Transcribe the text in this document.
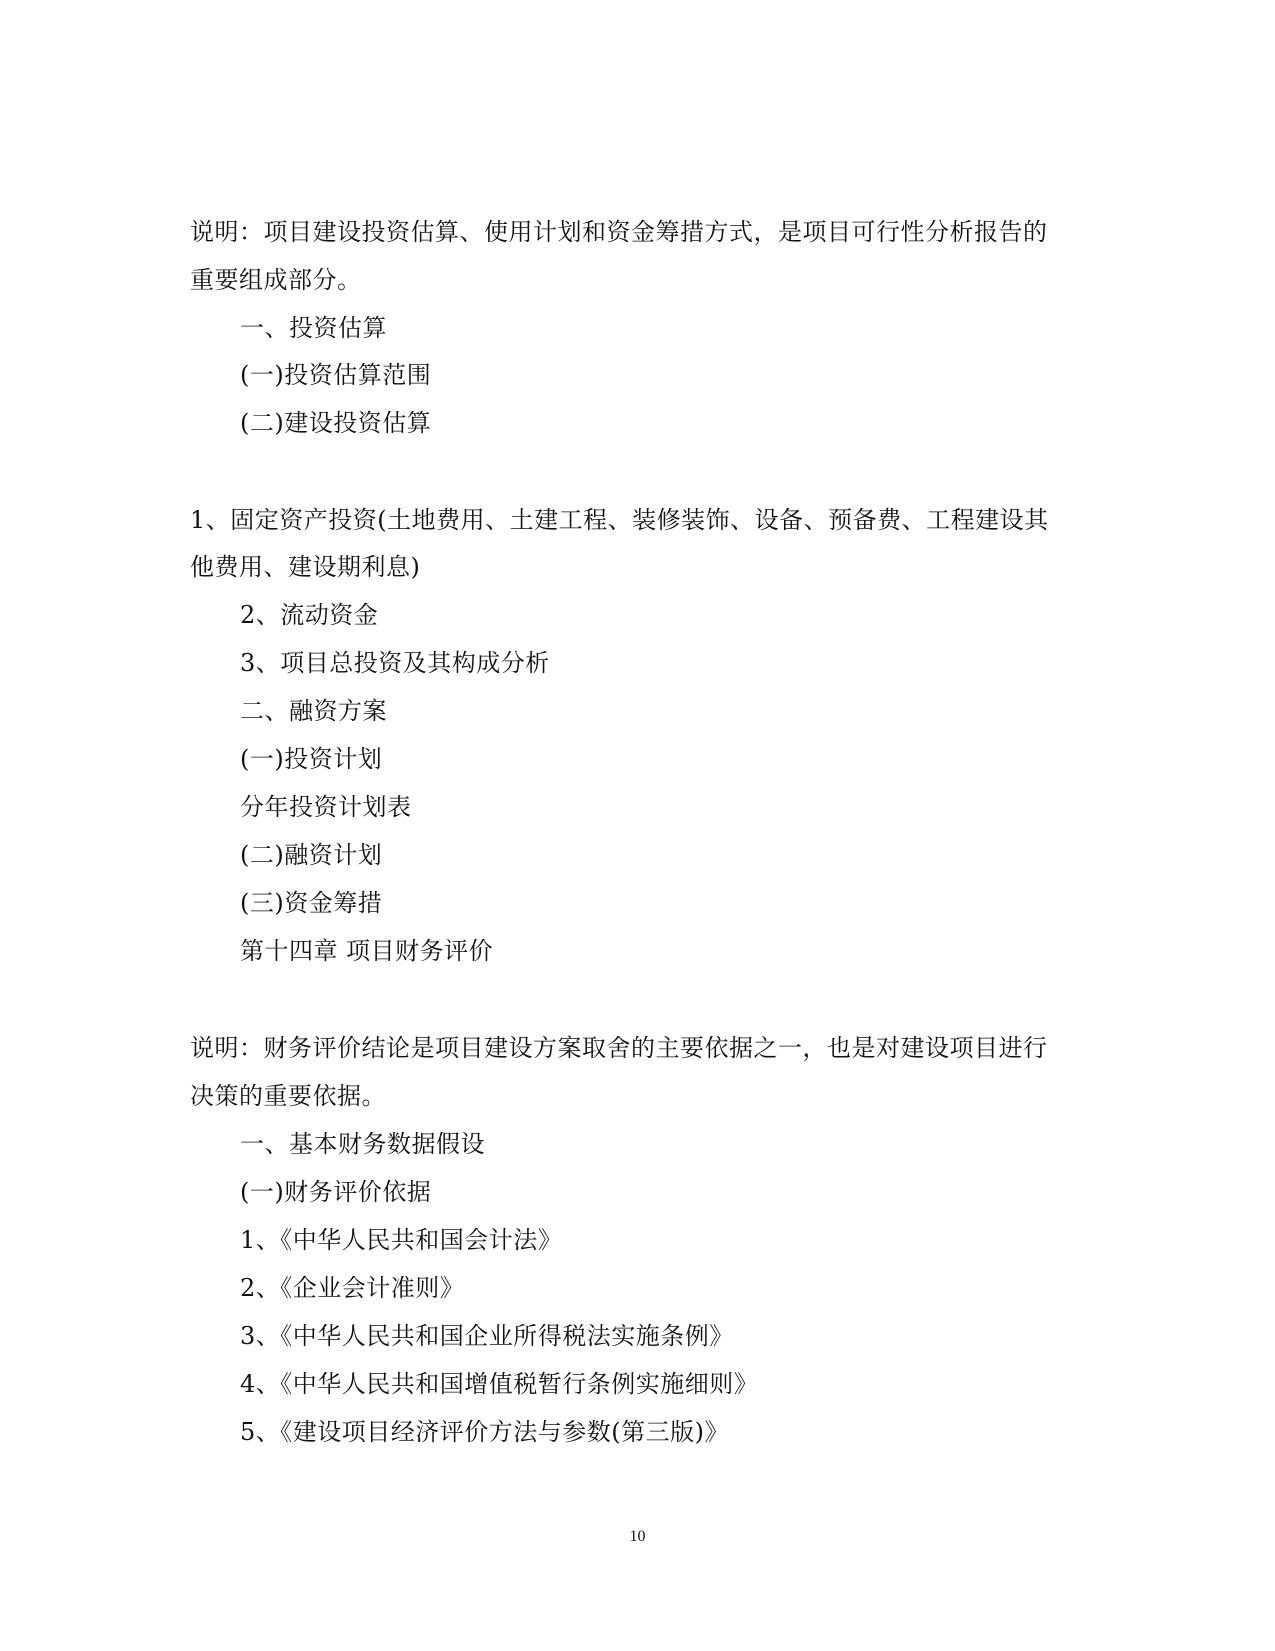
说明：项目建设投资估算、使用计划和资金筹措方式，是项目可行性分析报告的

重要组成部分。

一、投资估算

(一)投资估算范围

(二)建设投资估算

1、固定资产投资(土地费用、土建工程、装修装饰、设备、预备费、工程建设其

他费用、建设期利息)

2、流动资金

3、项目总投资及其构成分析

二、融资方案

(一)投资计划

分年投资计划表

(二)融资计划

(三)资金筹措

第十四章 项目财务评价

说明：财务评价结论是项目建设方案取舍的主要依据之一，也是对建设项目进行

决策的重要依据。

一、基本财务数据假设

(一)财务评价依据

1、《中华人民共和国会计法》

2、《企业会计准则》

3、《中华人民共和国企业所得税法实施条例》

4、《中华人民共和国增值税暂行条例实施细则》

5、《建设项目经济评价方法与参数(第三版)》

10
